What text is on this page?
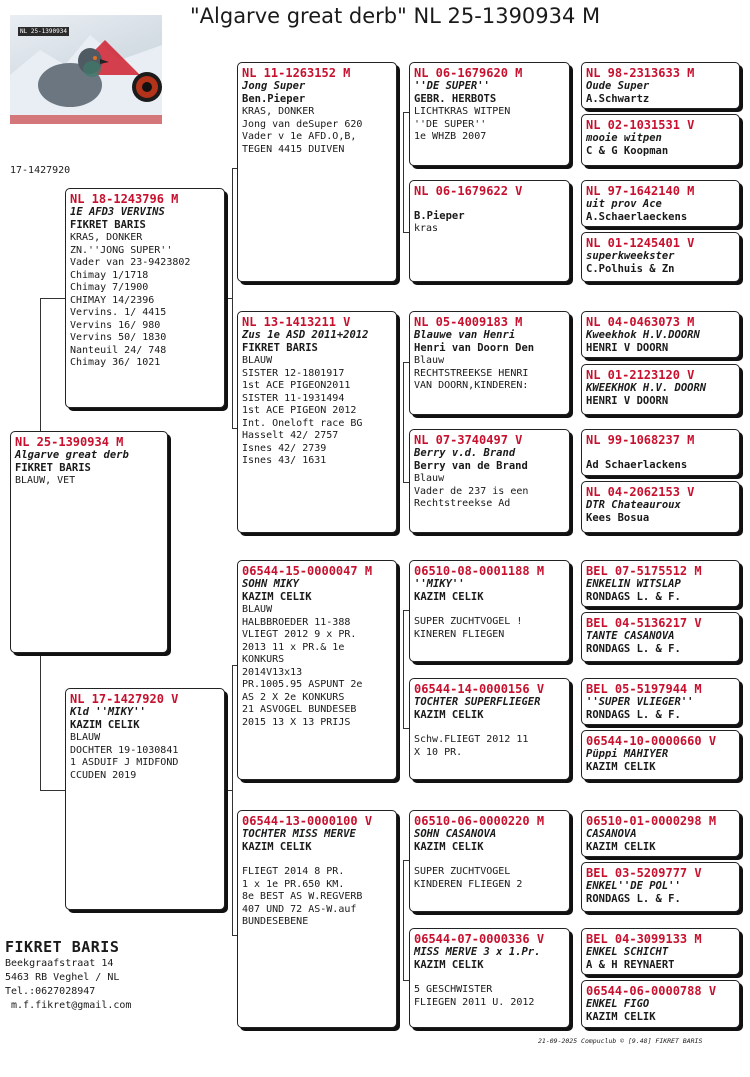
"Algarve great derb" NL 25-1390934 M
NL 25-1390934
17-1427920
NL 25-1390934 M
Algarve great derb
FIKRET BARIS
BLAUW, VET
NL 18-1243796 M
1E AFD3 VERVINS
FIKRET BARIS
KRAS, DONKER
ZN.''JONG SUPER''
Vader van 23-9423802
Chimay 1/1718
Chimay 7/1900
CHIMAY 14/2396
Vervins. 1/ 4415
Vervins 16/ 980
Vervins 50/ 1830
Nanteuil 24/ 748
Chimay 36/ 1021
NL 17-1427920 V
Kld ''MIKY''
KAZIM CELIK
BLAUW
DOCHTER 19-1030841
1 ASDUIF J MIDFOND
CCUDEN 2019
NL 11-1263152 M
Jong Super
Ben.Pieper
KRAS, DONKER
Jong van deSuper 620
Vader v 1e AFD.O,B,
TEGEN 4415 DUIVEN
NL 13-1413211 V
Zus 1e ASD 2011+2012
FIKRET BARIS
BLAUW
SISTER 12-1801917
1st ACE PIGEON2011
SISTER 11-1931494
1st ACE PIGEON 2012
Int. Oneloft race BG
Hasselt 42/ 2757
Isnes 42/ 2739
Isnes 43/ 1631
06544-15-0000047 M
SOHN MIKY
KAZIM CELIK
BLAUW
HALBBROEDER 11-388
VLIEGT 2012 9 x PR.
2013 11 x PR.& 1e
KONKURS
2014V13x13
PR.1005.95 ASPUNT 2e
AS 2 X 2e KONKURS
21 ASVOGEL BUNDESEB
2015 13 X 13 PRIJS
06544-13-0000100 V
TOCHTER MISS MERVE
KAZIM CELIK
FLIEGT 2014 8 PR.
1 x 1e PR.650 KM.
8e BEST AS W.REGVERB
407 UND 72 AS-W.auf
BUNDESEBENE
NL 06-1679620 M
''DE SUPER''
GEBR. HERBOTS
LICHTKRAS WITPEN
''DE SUPER''
1e WHZB 2007
NL 06-1679622 V
B.Pieper
kras
NL 05-4009183 M
Blauwe van Henri
Henri van Doorn Den
Blauw
RECHTSTREEKSE HENRI
VAN DOORN,KINDEREN:
NL 07-3740497 V
Berry v.d. Brand
Berry van de Brand
Blauw
Vader de 237 is een
Rechtstreekse Ad
06510-08-0001188 M
''MIKY''
KAZIM CELIK
SUPER ZUCHTVOGEL !
KINEREN FLIEGEN
06544-14-0000156 V
TOCHTER SUPERFLIEGER
KAZIM CELIK
Schw.FLIEGT 2012 11
X 10 PR.
06510-06-0000220 M
SOHN CASANOVA
KAZIM CELIK
SUPER ZUCHTVOGEL
KINDEREN FLIEGEN 2
06544-07-0000336 V
MISS MERVE 3 x 1.Pr.
KAZIM CELIK
5 GESCHWISTER
FLIEGEN 2011 U. 2012
NL 98-2313633 M
Oude Super
A.Schwartz
NL 02-1031531 V
mooie witpen
C & G Koopman
NL 97-1642140 M
uit prov Ace
A.Schaerlaeckens
NL 01-1245401 V
superkweekster
C.Polhuis & Zn
NL 04-0463073 M
Kweekhok H.V.DOORN
HENRI V DOORN
NL 01-2123120 V
KWEEKHOK H.V. DOORN
HENRI V DOORN
NL 99-1068237 M
Ad Schaerlackens
NL 04-2062153 V
DTR Chateauroux
Kees Bosua
BEL 07-5175512 M
ENKELIN WITSLAP
RONDAGS L. & F.
BEL 04-5136217 V
TANTE CASANOVA
RONDAGS L. & F.
BEL 05-5197944 M
''SUPER VLIEGER''
RONDAGS L. & F.
06544-10-0000660 V
Püppi MAHIYER
KAZIM CELIK
06510-01-0000298 M
CASANOVA
KAZIM CELIK
BEL 03-5209777 V
ENKEL''DE POL''
RONDAGS L. & F.
BEL 04-3099133 M
ENKEL SCHICHT
A & H REYNAERT
06544-06-0000788 V
ENKEL FIGO
KAZIM CELIK
FIKRET BARIS
Beekgraafstraat 14
5463 RB Veghel / NL
Tel.:0627028947
m.f.fikret@gmail.com
21-09-2025 Compuclub © [9.48] FIKRET BARIS
